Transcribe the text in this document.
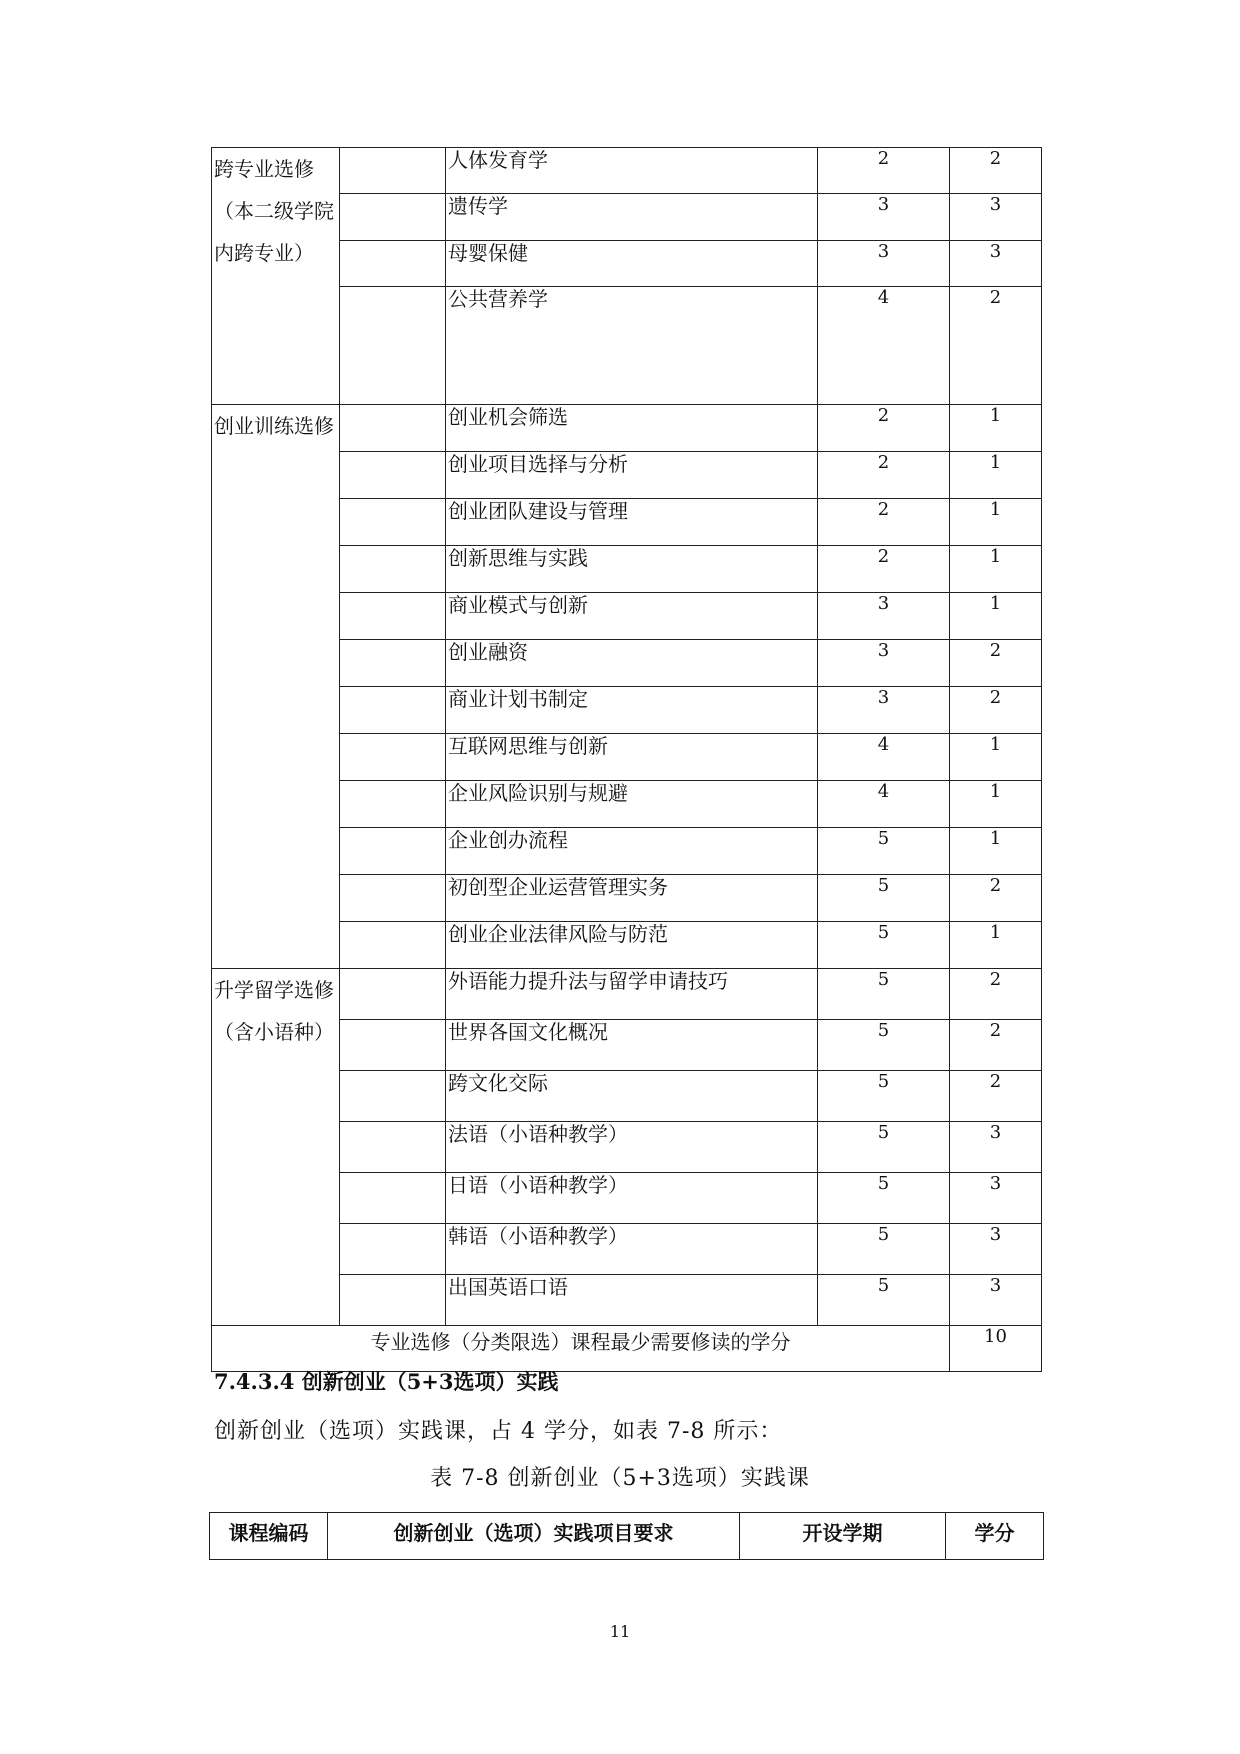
跨专业选修（本二级学院内跨专业）		人体发育学	2	2
		遗传学	3	3
		母婴保健	3	3
		公共营养学	4	2
创业训练选修		创业机会筛选	2	1
		创业项目选择与分析	2	1
		创业团队建设与管理	2	1
		创新思维与实践	2	1
		商业模式与创新	3	1
		创业融资	3	2
		商业计划书制定	3	2
		互联网思维与创新	4	1
		企业风险识别与规避	4	1
		企业创办流程	5	1
		初创型企业运营管理实务	5	2
		创业企业法律风险与防范	5	1
升学留学选修（含小语种）		外语能力提升法与留学申请技巧	5	2
		世界各国文化概况	5	2
		跨文化交际	5	2
		法语（小语种教学）	5	3
		日语（小语种教学）	5	3
		韩语（小语种教学）	5	3
		出国英语口语	5	3
专业选修（分类限选）课程最少需要修读的学分				10
7.4.3.4 创新创业（5+3选项）实践
创新创业（选项）实践课，占 4 学分，如表 7-8 所示：
表 7-8 创新创业（5+3选项）实践课
课程编码	创新创业（选项）实践项目要求	开设学期	学分
11
